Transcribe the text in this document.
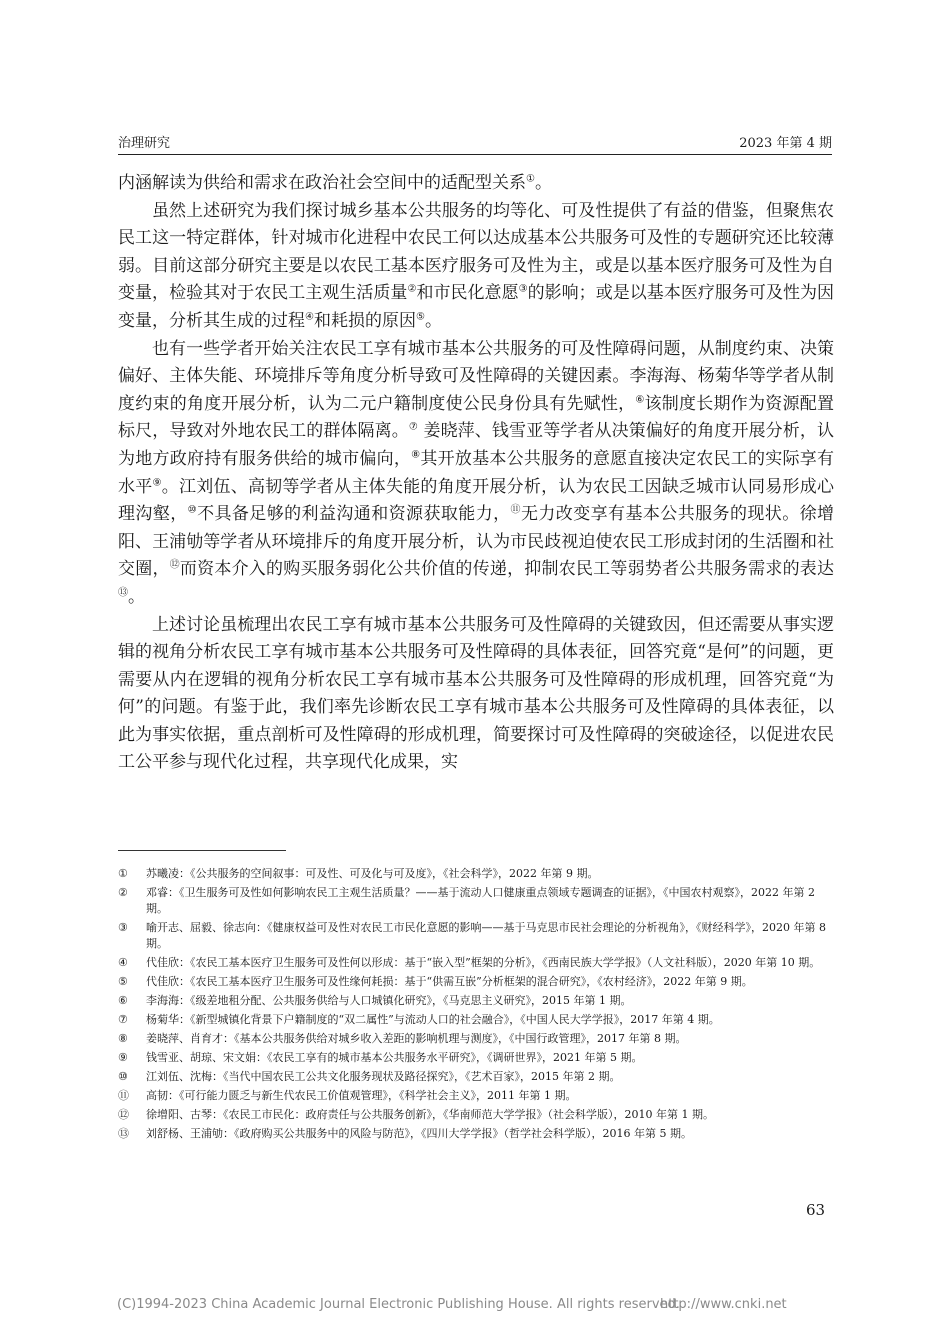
治理研究	2023 年第 4 期

内涵解读为供给和需求在政治社会空间中的适配型关系①。

虽然上述研究为我们探讨城乡基本公共服务的均等化、可及性提供了有益的借鉴，但聚焦农民工这一特定群体，针对城市化进程中农民工何以达成基本公共服务可及性的专题研究还比较薄弱。目前这部分研究主要是以农民工基本医疗服务可及性为主，或是以基本医疗服务可及性为自变量，检验其对于农民工主观生活质量②和市民化意愿③的影响；或是以基本医疗服务可及性为因变量，分析其生成的过程④和耗损的原因⑤。

也有一些学者开始关注农民工享有城市基本公共服务的可及性障碍问题，从制度约束、决策偏好、主体失能、环境排斥等角度分析导致可及性障碍的关键因素。李海海、杨菊华等学者从制度约束的角度开展分析，认为二元户籍制度使公民身份具有先赋性，⑥该制度长期作为资源配置标尺，导致对外地农民工的群体隔离。⑦ 姜晓萍、钱雪亚等学者从决策偏好的角度开展分析，认为地方政府持有服务供给的城市偏向，⑧其开放基本公共服务的意愿直接决定农民工的实际享有水平⑨。江刘伍、高韧等学者从主体失能的角度开展分析，认为农民工因缺乏城市认同易形成心理沟壑，⑩不具备足够的利益沟通和资源获取能力，⑪无力改变享有基本公共服务的现状。徐增阳、王浦劬等学者从环境排斥的角度开展分析，认为市民歧视迫使农民工形成封闭的生活圈和社交圈，⑫而资本介入的购买服务弱化公共价值的传递，抑制农民工等弱势者公共服务需求的表达⑬。

上述讨论虽梳理出农民工享有城市基本公共服务可及性障碍的关键致因，但还需要从事实逻辑的视角分析农民工享有城市基本公共服务可及性障碍的具体表征，回答究竟“是何”的问题，更需要从内在逻辑的视角分析农民工享有城市基本公共服务可及性障碍的形成机理，回答究竟“为何”的问题。有鉴于此，我们率先诊断农民工享有城市基本公共服务可及性障碍的具体表征，以此为事实依据，重点剖析可及性障碍的形成机理，简要探讨可及性障碍的突破途径，以促进农民工公平参与现代化过程，共享现代化成果，实

① 苏曦凌：《公共服务的空间叙事：可及性、可及化与可及度》，《社会科学》，2022 年第 9 期。
② 邓睿：《卫生服务可及性如何影响农民工主观生活质量？——基于流动人口健康重点领域专题调查的证据》，《中国农村观察》，2022 年第 2 期。
③ 喻开志、屈毅、徐志向：《健康权益可及性对农民工市民化意愿的影响——基于马克思市民社会理论的分析视角》，《财经科学》，2020 年第 8 期。
④ 代佳欣：《农民工基本医疗卫生服务可及性何以形成：基于“嵌入型”框架的分析》，《西南民族大学学报》（人文社科版），2020 年第 10 期。
⑤ 代佳欣：《农民工基本医疗卫生服务可及性缘何耗损：基于“供需互嵌”分析框架的混合研究》，《农村经济》，2022 年第 9 期。
⑥ 李海海：《级差地租分配、公共服务供给与人口城镇化研究》，《马克思主义研究》，2015 年第 1 期。
⑦ 杨菊华：《新型城镇化背景下户籍制度的“双二属性”与流动人口的社会融合》，《中国人民大学学报》，2017 年第 4 期。
⑧ 姜晓萍、肖育才：《基本公共服务供给对城乡收入差距的影响机理与测度》，《中国行政管理》，2017 年第 8 期。
⑨ 钱雪亚、胡琼、宋文娟：《农民工享有的城市基本公共服务水平研究》，《调研世界》，2021 年第 5 期。
⑩ 江刘伍、沈梅：《当代中国农民工公共文化服务现状及路径探究》，《艺术百家》，2015 年第 2 期。
⑪ 高韧：《可行能力匮乏与新生代农民工价值观管理》，《科学社会主义》，2011 年第 1 期。
⑫ 徐增阳、古琴：《农民工市民化：政府责任与公共服务创新》，《华南师范大学学报》（社会科学版），2010 年第 1 期。
⑬ 刘舒杨、王浦劬：《政府购买公共服务中的风险与防范》，《四川大学学报》（哲学社会科学版），2016 年第 5 期。
63
(C)1994-2023 China Academic Journal Electronic Publishing House. All rights reserved.
http://www.cnki.net
